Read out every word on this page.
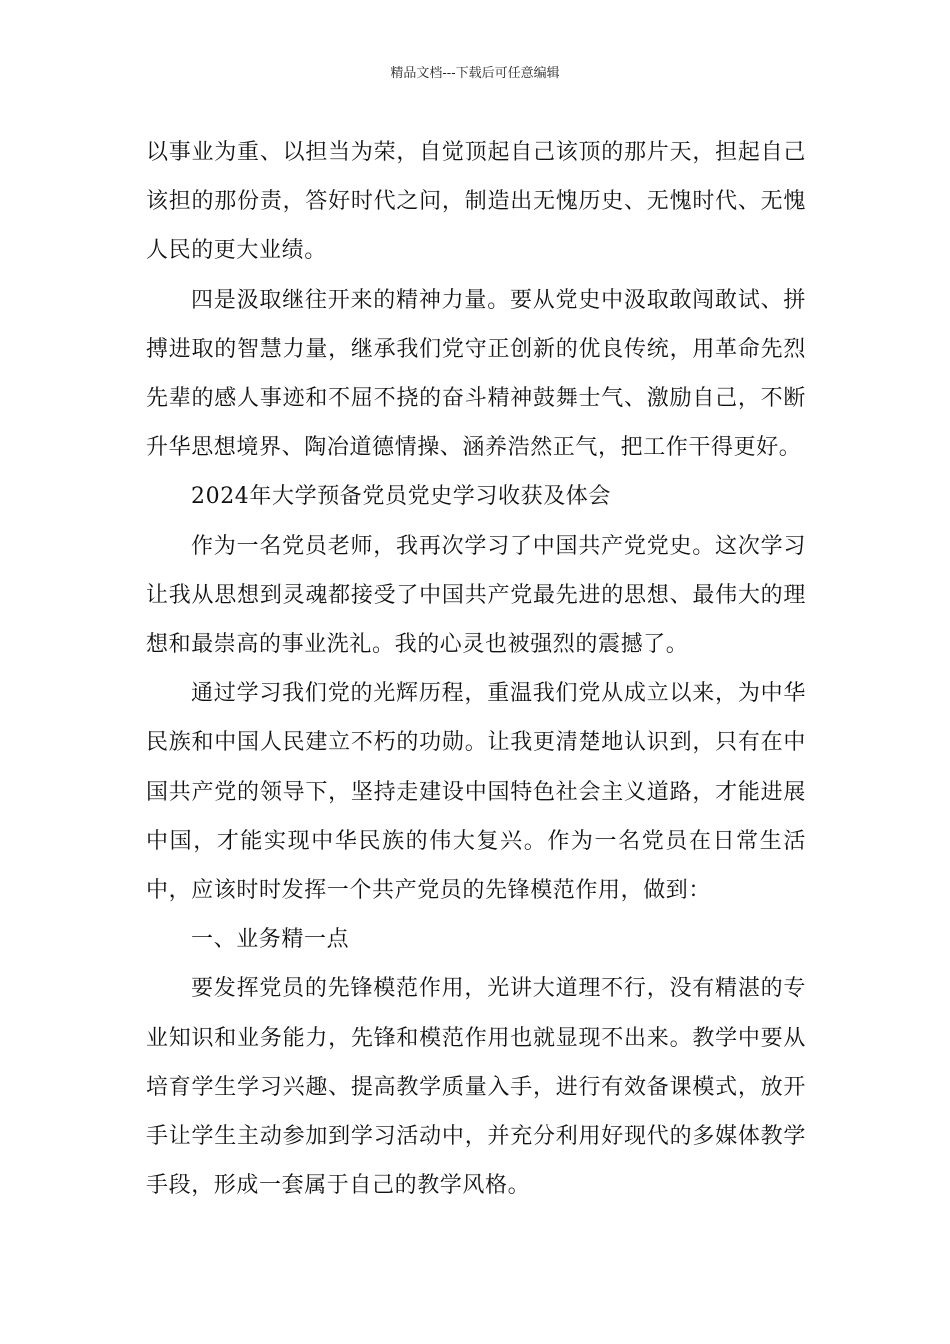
精品文档---下载后可任意编辑

以事业为重、以担当为荣，自觉顶起自己该顶的那片天，担起自己该担的那份责，答好时代之问，制造出无愧历史、无愧时代、无愧人民的更大业绩。

四是汲取继往开来的精神力量。要从党史中汲取敢闯敢试、拼搏进取的智慧力量，继承我们党守正创新的优良传统，用革命先烈先辈的感人事迹和不屈不挠的奋斗精神鼓舞士气、激励自己，不断升华思想境界、陶冶道德情操、涵养浩然正气，把工作干得更好。

2024年大学预备党员党史学习收获及体会

作为一名党员老师，我再次学习了中国共产党党史。这次学习让我从思想到灵魂都接受了中国共产党最先进的思想、最伟大的理想和最崇高的事业洗礼。我的心灵也被强烈的震撼了。

通过学习我们党的光辉历程，重温我们党从成立以来，为中华民族和中国人民建立不朽的功勋。让我更清楚地认识到，只有在中国共产党的领导下，坚持走建设中国特色社会主义道路，才能进展中国，才能实现中华民族的伟大复兴。作为一名党员在日常生活中，应该时时发挥一个共产党员的先锋模范作用，做到：

一、业务精一点

要发挥党员的先锋模范作用，光讲大道理不行，没有精湛的专业知识和业务能力，先锋和模范作用也就显现不出来。教学中要从培育学生学习兴趣、提高教学质量入手，进行有效备课模式，放开手让学生主动参加到学习活动中，并充分利用好现代的多媒体教学手段，形成一套属于自己的教学风格。
